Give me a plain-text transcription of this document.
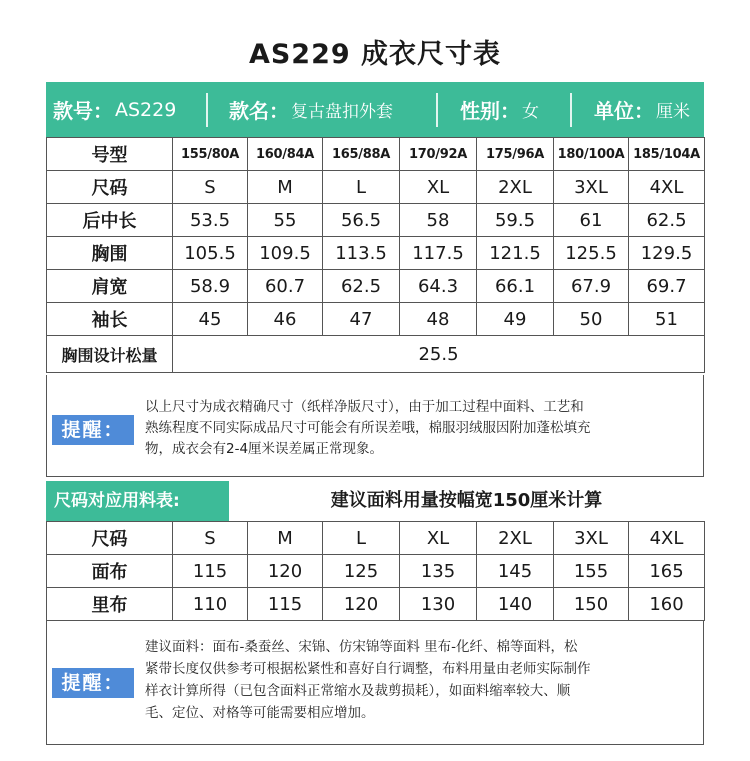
AS229 成衣尺寸表
款号： AS229	款名： 复古盘扣外套	性别： 女	单位： 厘米
号型	155/80A	160/84A	165/88A	170/92A	175/96A	180/100A	185/104A
尺码	S	M	L	XL	2XL	3XL	4XL
后中长	53.5	55	56.5	58	59.5	61	62.5
胸围	105.5	109.5	113.5	117.5	121.5	125.5	129.5
肩宽	58.9	60.7	62.5	64.3	66.1	67.9	69.7
袖长	45	46	47	48	49	50	51
胸围设计松量	25.5						
提醒：

以上尺寸为成衣精确尺寸（纸样净版尺寸），由于加工过程中面料、工艺和

熟练程度不同实际成品尺寸可能会有所误差哦，棉服羽绒服因附加蓬松填充

物，成衣会有2-4厘米误差属正常现象。

尺码对应用料表:	建议面料用量按幅宽150厘米计算
尺码	S	M	L	XL	2XL	3XL	4XL
面布	115	120	125	135	145	155	165
里布	110	115	120	130	140	150	160
提醒：

建议面料：面布-桑蚕丝、宋锦、仿宋锦等面料 里布-化纤、棉等面料，松

紧带长度仅供参考可根据松紧性和喜好自行调整，布料用量由老师实际制作

样衣计算所得（已包含面料正常缩水及裁剪损耗），如面料缩率较大、顺

毛、定位、对格等可能需要相应增加。
